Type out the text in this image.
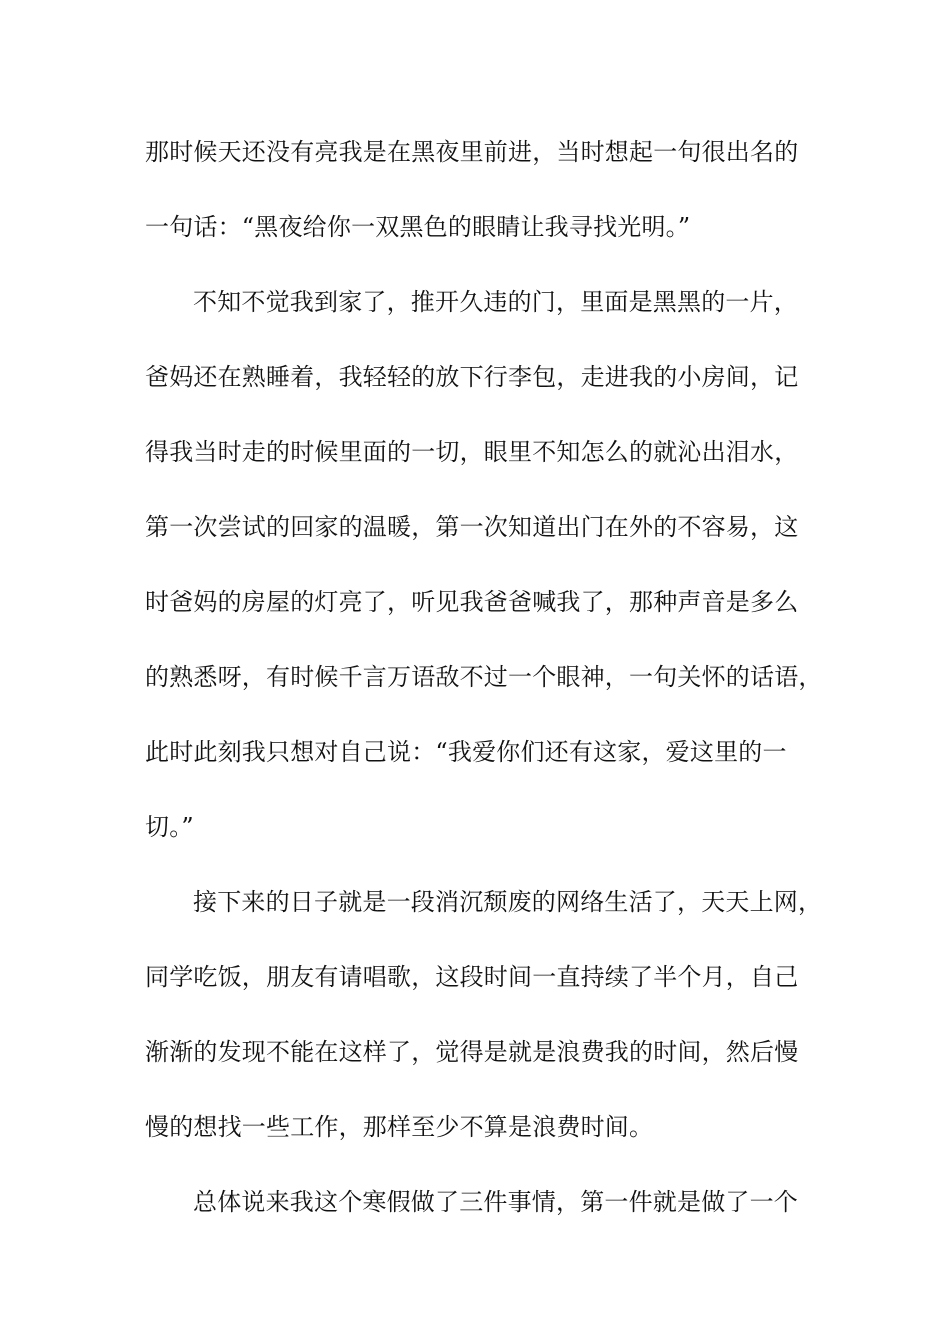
那时候天还没有亮我是在黑夜里前进，当时想起一句很出名的
一句话：“黑夜给你一双黑色的眼睛让我寻找光明。”
不知不觉我到家了，推开久违的门，里面是黑黑的一片，
爸妈还在熟睡着，我轻轻的放下行李包，走进我的小房间，记
得我当时走的时候里面的一切，眼里不知怎么的就沁出泪水，
第一次尝试的回家的温暖，第一次知道出门在外的不容易，这
时爸妈的房屋的灯亮了，听见我爸爸喊我了，那种声音是多么
的熟悉呀，有时候千言万语敌不过一个眼神，一句关怀的话语，
此时此刻我只想对自己说：“我爱你们还有这家，爱这里的一
切。”
接下来的日子就是一段消沉颓废的网络生活了，天天上网，
同学吃饭，朋友有请唱歌，这段时间一直持续了半个月，自己
渐渐的发现不能在这样了，觉得是就是浪费我的时间，然后慢
慢的想找一些工作，那样至少不算是浪费时间。
总体说来我这个寒假做了三件事情，第一件就是做了一个
